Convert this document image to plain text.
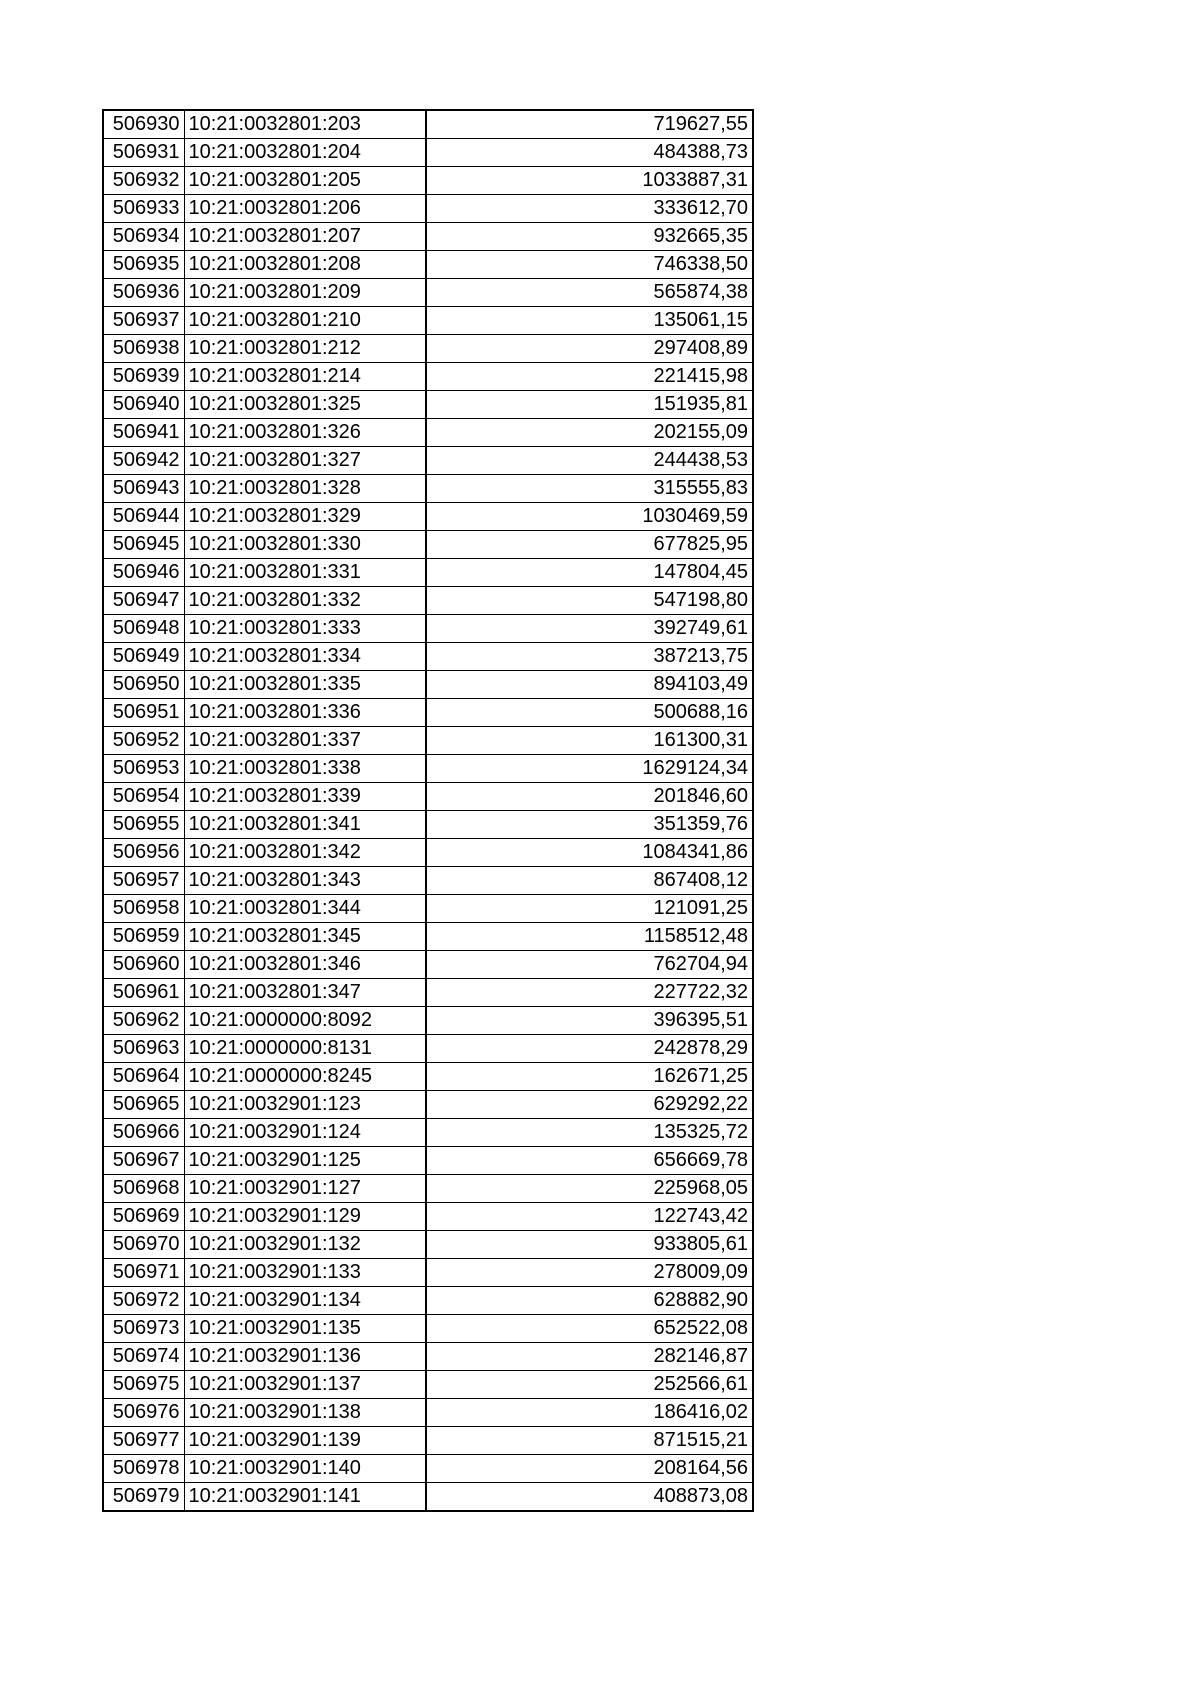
506930	10:21:0032801:203	719627,55
506931	10:21:0032801:204	484388,73
506932	10:21:0032801:205	1033887,31
506933	10:21:0032801:206	333612,70
506934	10:21:0032801:207	932665,35
506935	10:21:0032801:208	746338,50
506936	10:21:0032801:209	565874,38
506937	10:21:0032801:210	135061,15
506938	10:21:0032801:212	297408,89
506939	10:21:0032801:214	221415,98
506940	10:21:0032801:325	151935,81
506941	10:21:0032801:326	202155,09
506942	10:21:0032801:327	244438,53
506943	10:21:0032801:328	315555,83
506944	10:21:0032801:329	1030469,59
506945	10:21:0032801:330	677825,95
506946	10:21:0032801:331	147804,45
506947	10:21:0032801:332	547198,80
506948	10:21:0032801:333	392749,61
506949	10:21:0032801:334	387213,75
506950	10:21:0032801:335	894103,49
506951	10:21:0032801:336	500688,16
506952	10:21:0032801:337	161300,31
506953	10:21:0032801:338	1629124,34
506954	10:21:0032801:339	201846,60
506955	10:21:0032801:341	351359,76
506956	10:21:0032801:342	1084341,86
506957	10:21:0032801:343	867408,12
506958	10:21:0032801:344	121091,25
506959	10:21:0032801:345	1158512,48
506960	10:21:0032801:346	762704,94
506961	10:21:0032801:347	227722,32
506962	10:21:0000000:8092	396395,51
506963	10:21:0000000:8131	242878,29
506964	10:21:0000000:8245	162671,25
506965	10:21:0032901:123	629292,22
506966	10:21:0032901:124	135325,72
506967	10:21:0032901:125	656669,78
506968	10:21:0032901:127	225968,05
506969	10:21:0032901:129	122743,42
506970	10:21:0032901:132	933805,61
506971	10:21:0032901:133	278009,09
506972	10:21:0032901:134	628882,90
506973	10:21:0032901:135	652522,08
506974	10:21:0032901:136	282146,87
506975	10:21:0032901:137	252566,61
506976	10:21:0032901:138	186416,02
506977	10:21:0032901:139	871515,21
506978	10:21:0032901:140	208164,56
506979	10:21:0032901:141	408873,08
